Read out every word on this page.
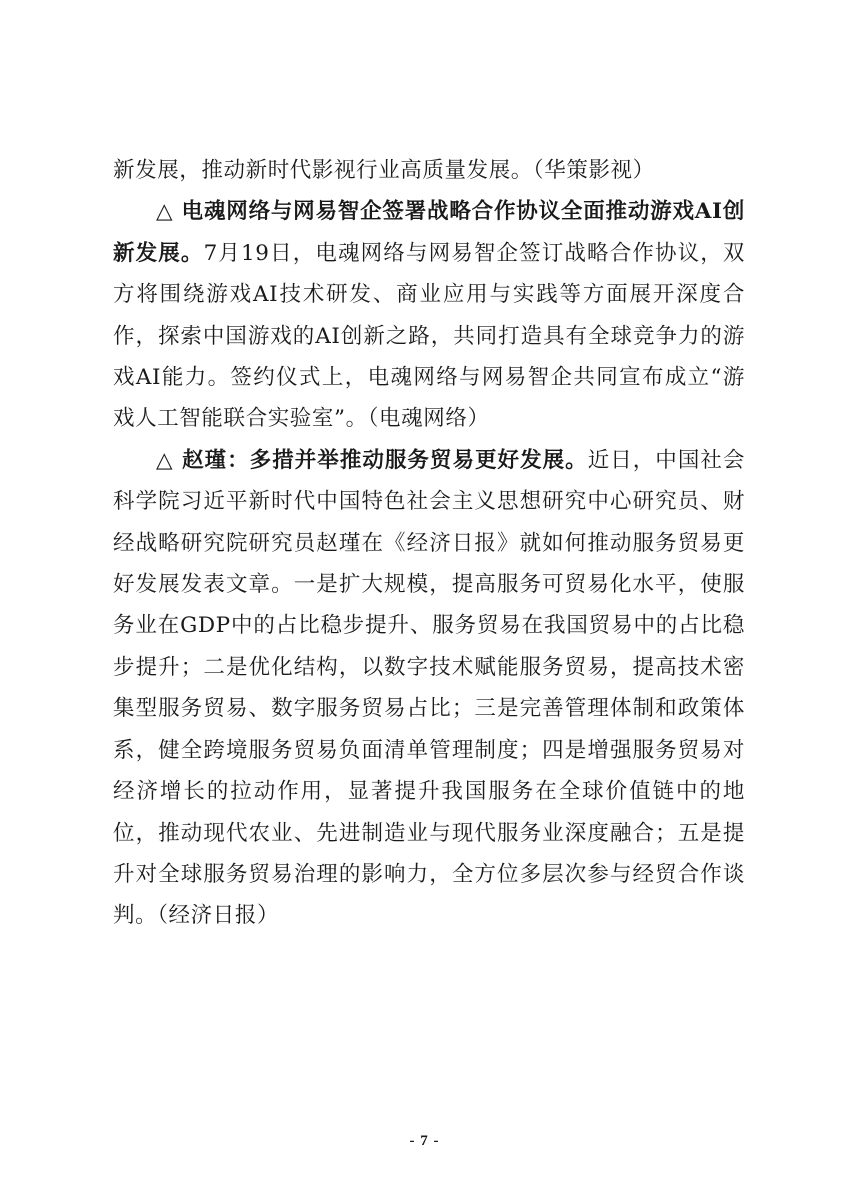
新发展，推动新时代影视行业高质量发展。（华策影视）

△ 电魂网络与网易智企签署战略合作协议全面推动游戏AI创新发展。7月19日，电魂网络与网易智企签订战略合作协议，双方将围绕游戏AI技术研发、商业应用与实践等方面展开深度合作，探索中国游戏的AI创新之路，共同打造具有全球竞争力的游戏AI能力。签约仪式上，电魂网络与网易智企共同宣布成立“游戏人工智能联合实验室”。（电魂网络）

△ 赵瑾：多措并举推动服务贸易更好发展。近日，中国社会科学院习近平新时代中国特色社会主义思想研究中心研究员、财经战略研究院研究员赵瑾在《经济日报》就如何推动服务贸易更好发展发表文章。一是扩大规模，提高服务可贸易化水平，使服务业在GDP中的占比稳步提升、服务贸易在我国贸易中的占比稳步提升；二是优化结构，以数字技术赋能服务贸易，提高技术密集型服务贸易、数字服务贸易占比；三是完善管理体制和政策体系，健全跨境服务贸易负面清单管理制度；四是增强服务贸易对经济增长的拉动作用，显著提升我国服务在全球价值链中的地位，推动现代农业、先进制造业与现代服务业深度融合；五是提升对全球服务贸易治理的影响力，全方位多层次参与经贸合作谈判。（经济日报）

- 7 -
